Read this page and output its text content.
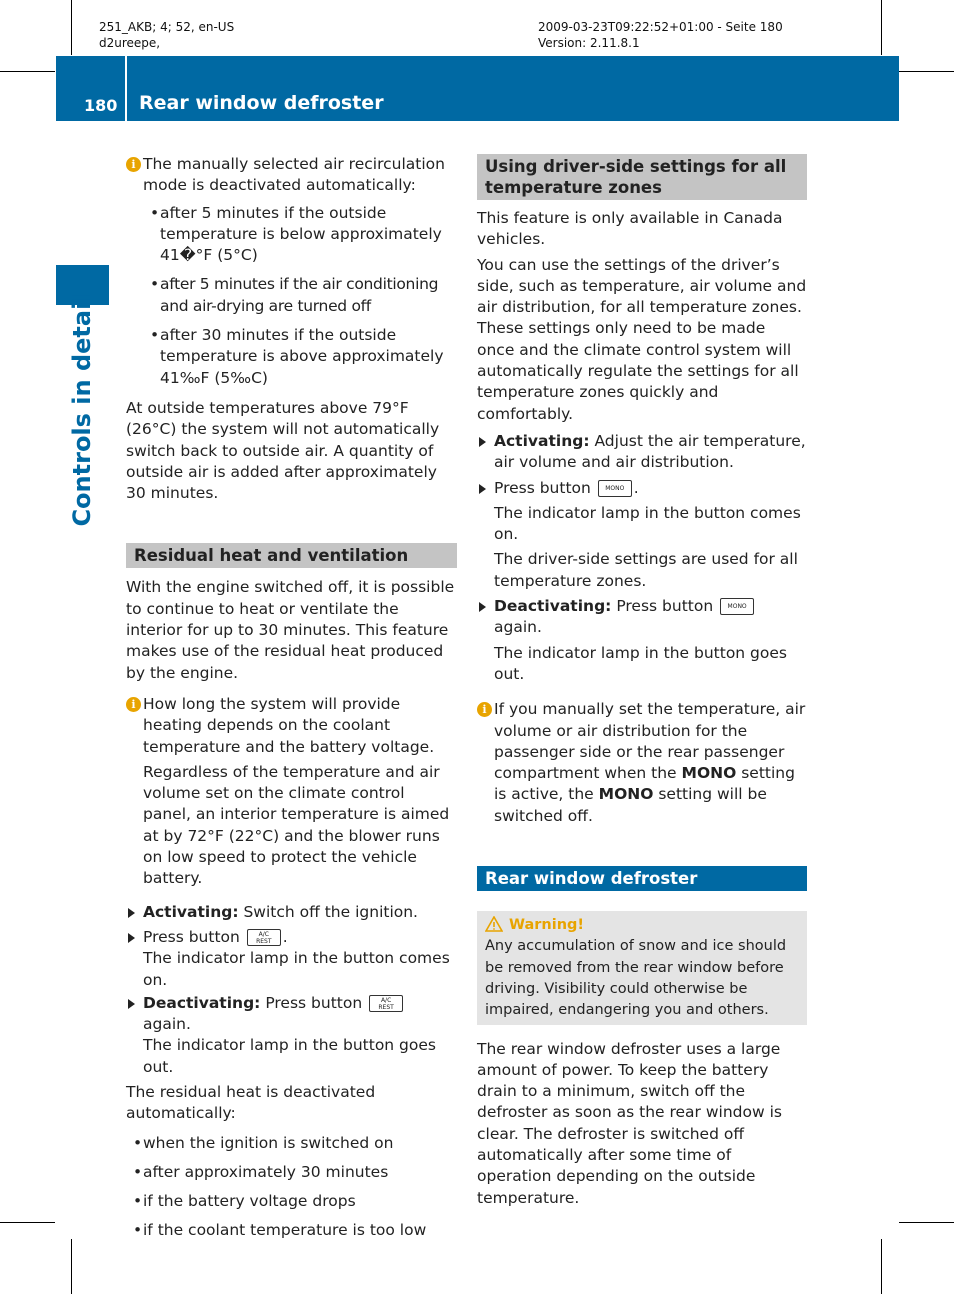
251_AKB; 4; 52, en-US
d2ureepe,
2009-03-23T09:22:52+01:00 - Seite 180
Version: 2.11.8.1
180 Rear window defroster
Controls in detail
i The manually selected air recirculation mode is deactivated automatically:

• after 5 minutes if the outside temperature is below approximately 41�°F (5°C)

• after 5 minutes if the air conditioning and air-drying are turned off

• after 30 minutes if the outside temperature is above approximately 41‰F (5‰C)

At outside temperatures above 79°F (26°C) the system will not automatically switch back to outside air. A quantity of outside air is added after approximately 30 minutes.

Residual heat and ventilation

With the engine switched off, it is possible to continue to heat or ventilate the interior for up to 30 minutes. This feature makes use of the residual heat produced by the engine.

i How long the system will provide heating depends on the coolant temperature and the battery voltage.

Regardless of the temperature and air volume set on the climate control panel, an interior temperature is aimed at by 72°F (22°C) and the blower runs on low speed to protect the vehicle battery.

Activating: Switch off the ignition.
Press button	A/C
REST .

The indicator lamp in the button comes on.

Deactivating: Press button	A/C
REST again.

The indicator lamp in the button goes out.

The residual heat is deactivated automatically:

• when the ignition is switched on

• after approximately 30 minutes

• if the battery voltage drops

• if the coolant temperature is too low

Using driver-side settings for all temperature zones

This feature is only available in Canada vehicles.

You can use the settings of the driver’s side, such as temperature, air volume and air distribution, for all temperature zones. These settings only need to be made once and the climate control system will automatically regulate the settings for all temperature zones quickly and comfortably.

Activating: Adjust the air temperature, air volume and air distribution.
Press button MONO .

The indicator lamp in the button comes on.

The driver-side settings are used for all temperature zones.

Deactivating: Press button MONO again.

The indicator lamp in the button goes out.

i If you manually set the temperature, air volume or air distribution for the passenger side or the rear passenger compartment when the MONO setting is active, the MONO setting will be switched off.

Rear window defroster
Warning!

Any accumulation of snow and ice should be removed from the rear window before driving. Visibility could otherwise be impaired, endangering you and others.

The rear window defroster uses a large amount of power. To keep the battery drain to a minimum, switch off the defroster as soon as the rear window is clear. The defroster is switched off automatically after some time of operation depending on the outside temperature.
